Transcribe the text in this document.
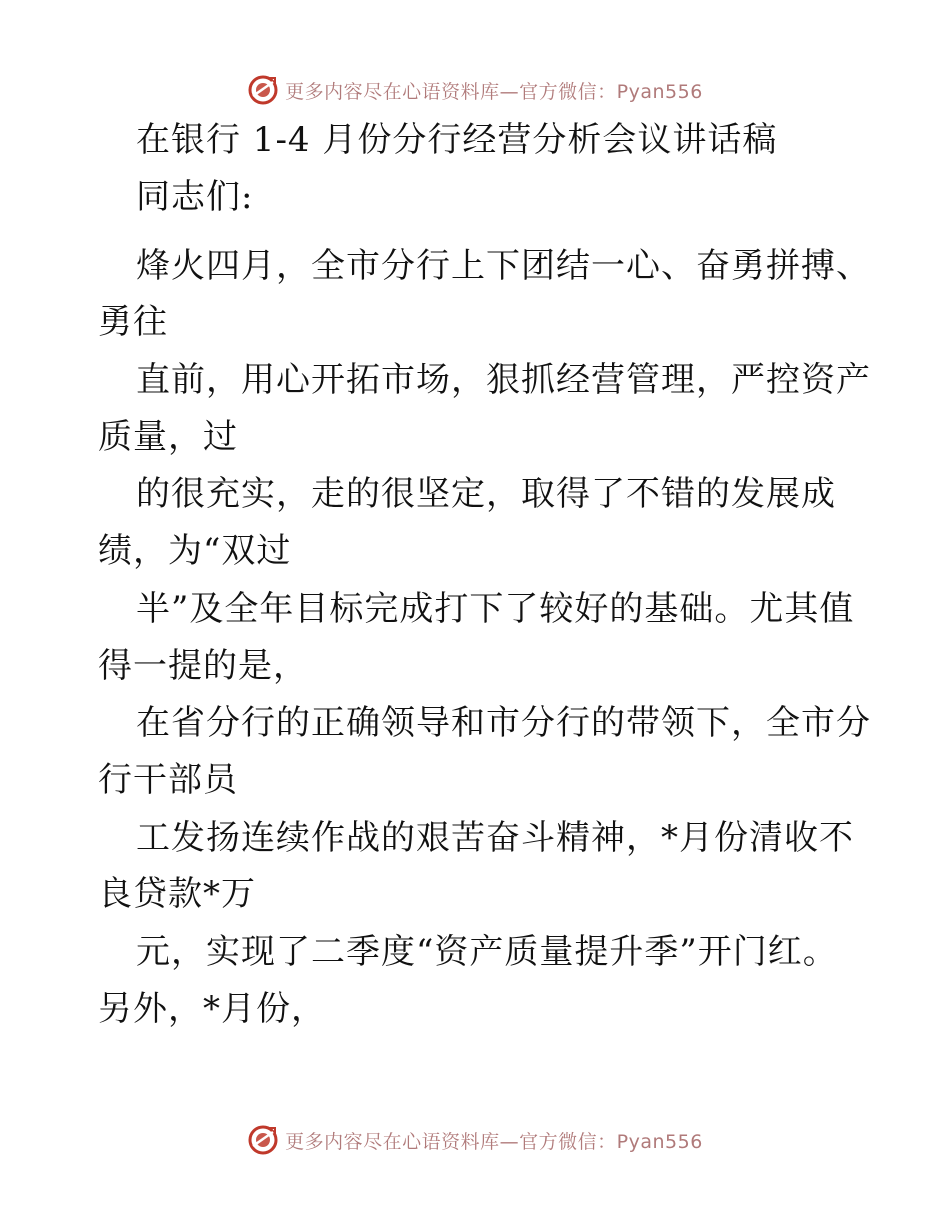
更多内容尽在心语资料库—官方微信：Pyan556
在银行 1-4 月份分行经营分析会议讲话稿
同志们:
烽火四月，全市分行上下团结一心、奋勇拼搏、
勇往
直前，用心开拓市场，狠抓经营管理，严控资产
质量，过
的很充实，走的很坚定，取得了不错的发展成
绩，为“双过
半”及全年目标完成打下了较好的基础。尤其值
得一提的是，
在省分行的正确领导和市分行的带领下，全市分
行干部员
工发扬连续作战的艰苦奋斗精神，*月份清收不
良贷款*万
元，实现了二季度“资产质量提升季”开门红。
另外，*月份，
更多内容尽在心语资料库—官方微信：Pyan556
